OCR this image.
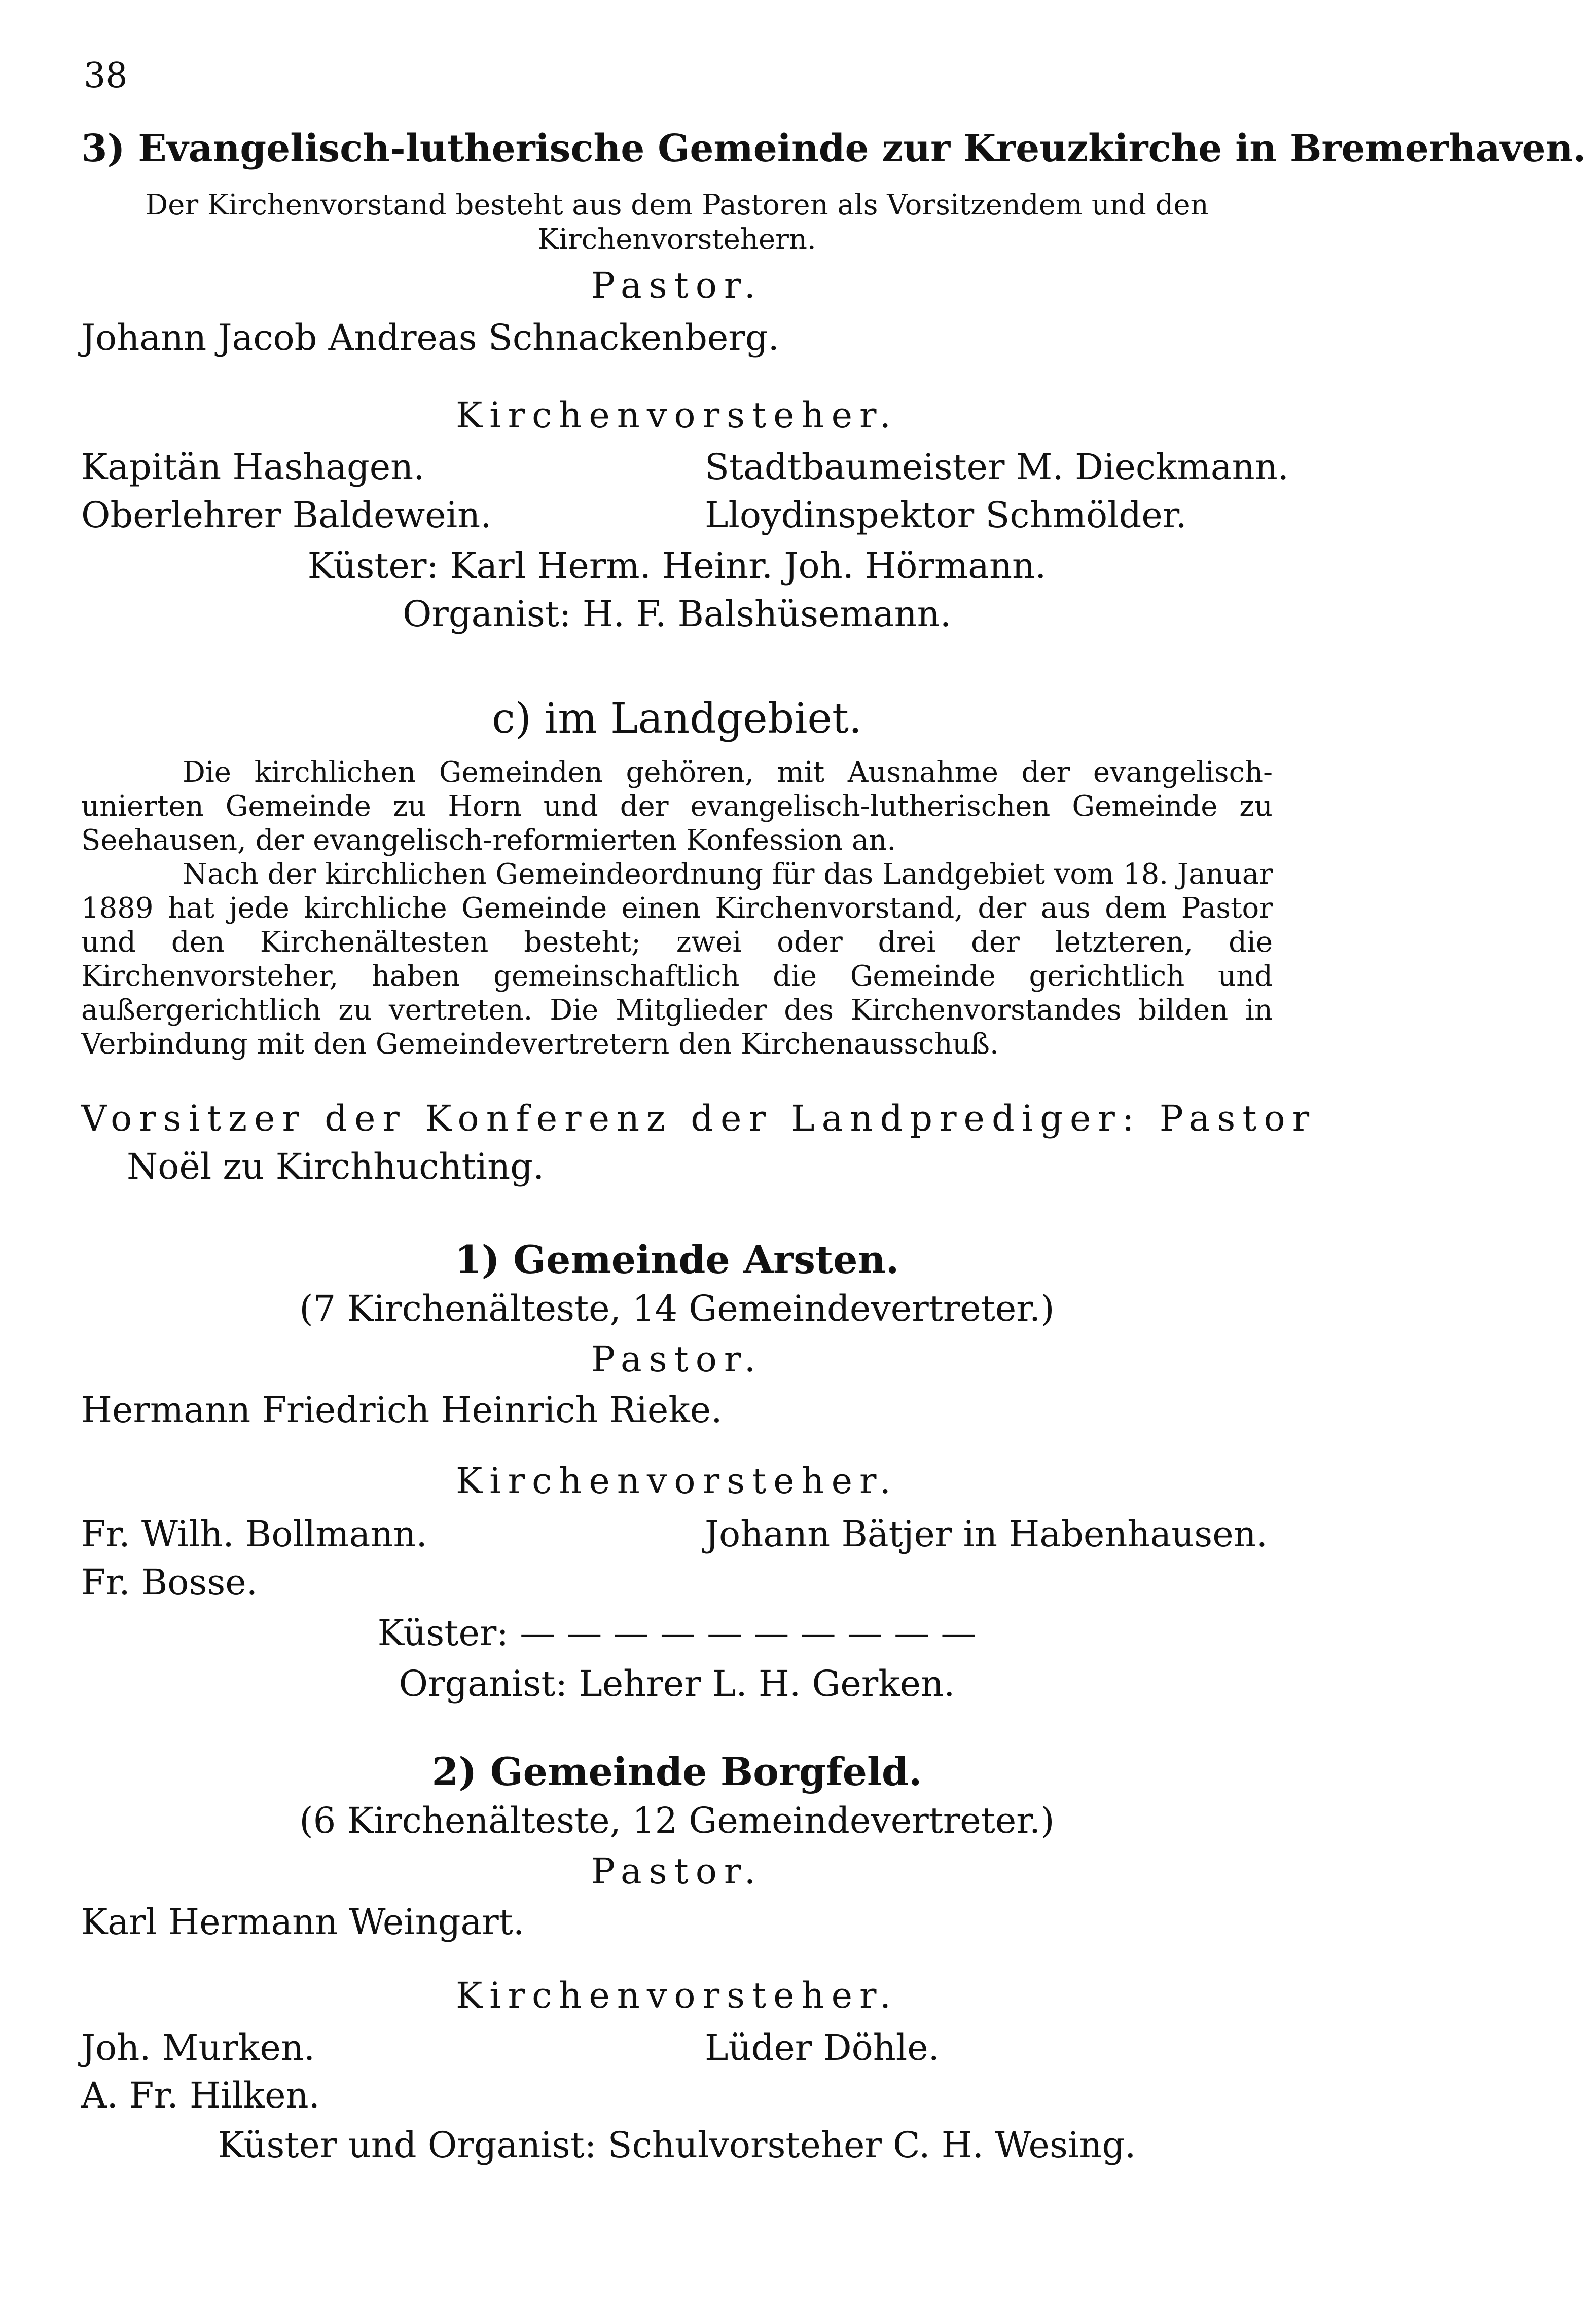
38
3) Evangelisch-lutherische Gemeinde zur Kreuzkirche in Bremerhaven.
Der Kirchenvorstand besteht aus dem Pastoren als Vorsitzendem und den
Kirchenvorstehern.
Pastor.
Johann Jacob Andreas Schnackenberg.
Kirchenvorsteher.
Kapitän Hashagen.	Stadtbaumeister M. Dieckmann.
Oberlehrer Baldewein.	Lloydinspektor Schmölder.
Küster: Karl Herm. Heinr. Joh. Hörmann.
Organist: H. F. Balshüsemann.
c) im Landgebiet.

Die kirchlichen Gemeinden gehören, mit Ausnahme der evangelisch-unierten Gemeinde zu Horn und der evangelisch-lutherischen Gemeinde zu Seehausen, der evangelisch-reformierten Konfession an.

Nach der kirchlichen Gemeindeordnung für das Landgebiet vom 18. Januar 1889 hat jede kirchliche Gemeinde einen Kirchenvorstand, der aus dem Pastor und den Kirchenältesten besteht; zwei oder drei der letzteren, die Kirchenvorsteher, haben gemeinschaftlich die Gemeinde gerichtlich und außergerichtlich zu vertreten. Die Mitglieder des Kirchenvorstandes bilden in Verbindung mit den Gemeindevertretern den Kirchenausschuß.

Vorsitzer der Konferenz der Landprediger: Pastor
Noël zu Kirchhuchting.
1) Gemeinde Arsten.
(7 Kirchenälteste, 14 Gemeindevertreter.)
Pastor.
Hermann Friedrich Heinrich Rieke.
Kirchenvorsteher.
Fr. Wilh. Bollmann.	Johann Bätjer in Habenhausen.
Fr. Bosse.
Küster: — — — — — — — — — —
Organist: Lehrer L. H. Gerken.
2) Gemeinde Borgfeld.
(6 Kirchenälteste, 12 Gemeindevertreter.)
Pastor.
Karl Hermann Weingart.
Kirchenvorsteher.
Joh. Murken.	Lüder Döhle.
A. Fr. Hilken.
Küster und Organist: Schulvorsteher C. H. Wesing.
